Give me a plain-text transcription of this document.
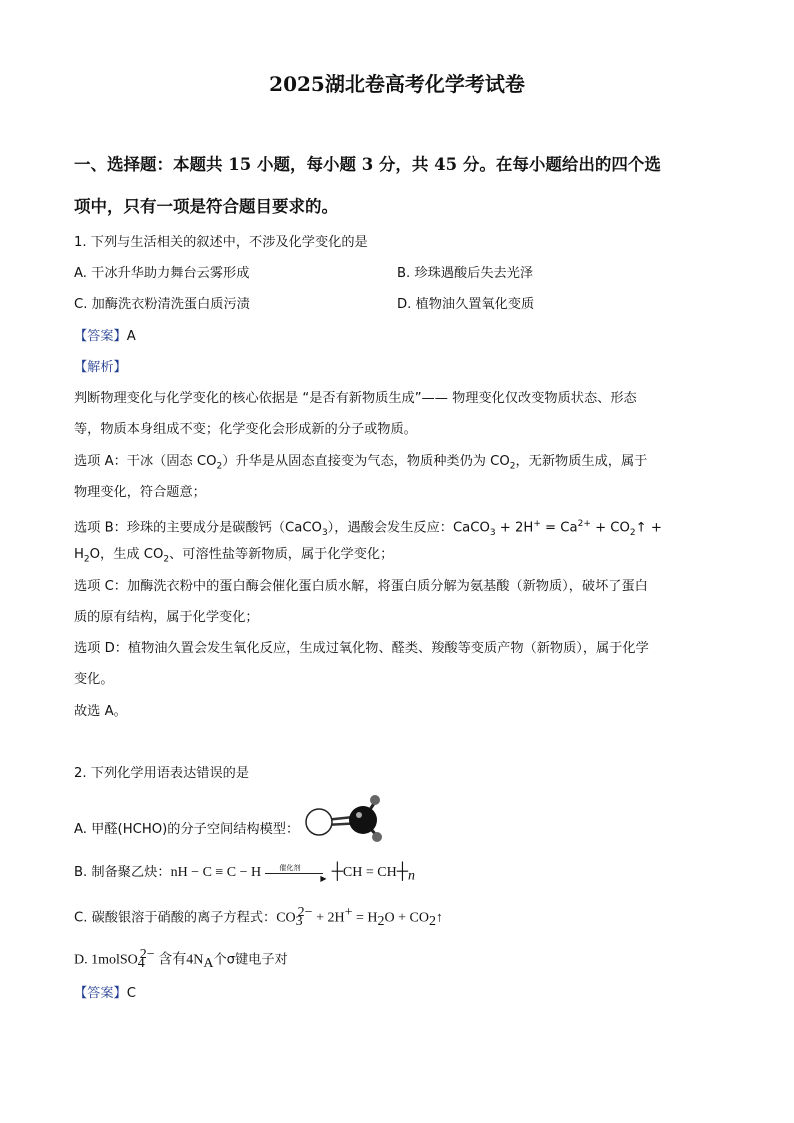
2025湖北卷高考化学考试卷
一、选择题：本题共 15 小题，每小题 3 分，共 45 分。在每小题给出的四个选
项中，只有一项是符合题目要求的。
1. 下列与生活相关的叙述中，不涉及化学变化的是
A. 干冰升华助力舞台云雾形成	B. 珍珠遇酸后失去光泽
C. 加酶洗衣粉清洗蛋白质污渍	D. 植物油久置氧化变质
【答案】A
【解析】
判断物理变化与化学变化的核心依据是 “是否有新物质生成”—— 物理变化仅改变物质状态、形态
等，物质本身组成不变；化学变化会形成新的分子或物质。
选项 A：干冰（固态 $CO_2$）升华是从固态直接变为气态，物质种类仍为 $CO_2$，无新物质生成，属于
物理变化，符合题意；
选项 B：珍珠的主要成分是碳酸钙（CaCO$_3$），遇酸会发生反应：CaCO$_3$ + $2H^+ = Ca^{2+}$ + $CO_2↑$ +
$H_2O$，生成 $CO_2$、可溶性盐等新物质，属于化学变化；
选项 C：加酶洗衣粉中的蛋白酶会催化蛋白质水解，将蛋白质分解为氨基酸（新物质），破坏了蛋白
质的原有结构，属于化学变化；
选项 D：植物油久置会发生氧化反应，生成过氧化物、醛类、羧酸等变质产物（新物质），属于化学
变化。
故选 A。
2. 下列化学用语表达错误的是
A. 甲醛(HCHO)的分子空间结构模型：
B. 制备聚乙炔：nH − C ≡ C − H	催化剂
▶ ┼CH = $CH┼_n$
C. 碳酸银溶于硝酸的离子方程式：$CO_3^{2-} + 2H^+ = H_2O$ + $CO_2↑$
D. 1molSO$_4^{2-}$ 含有$4N_A$个σ键电子对
【答案】C
